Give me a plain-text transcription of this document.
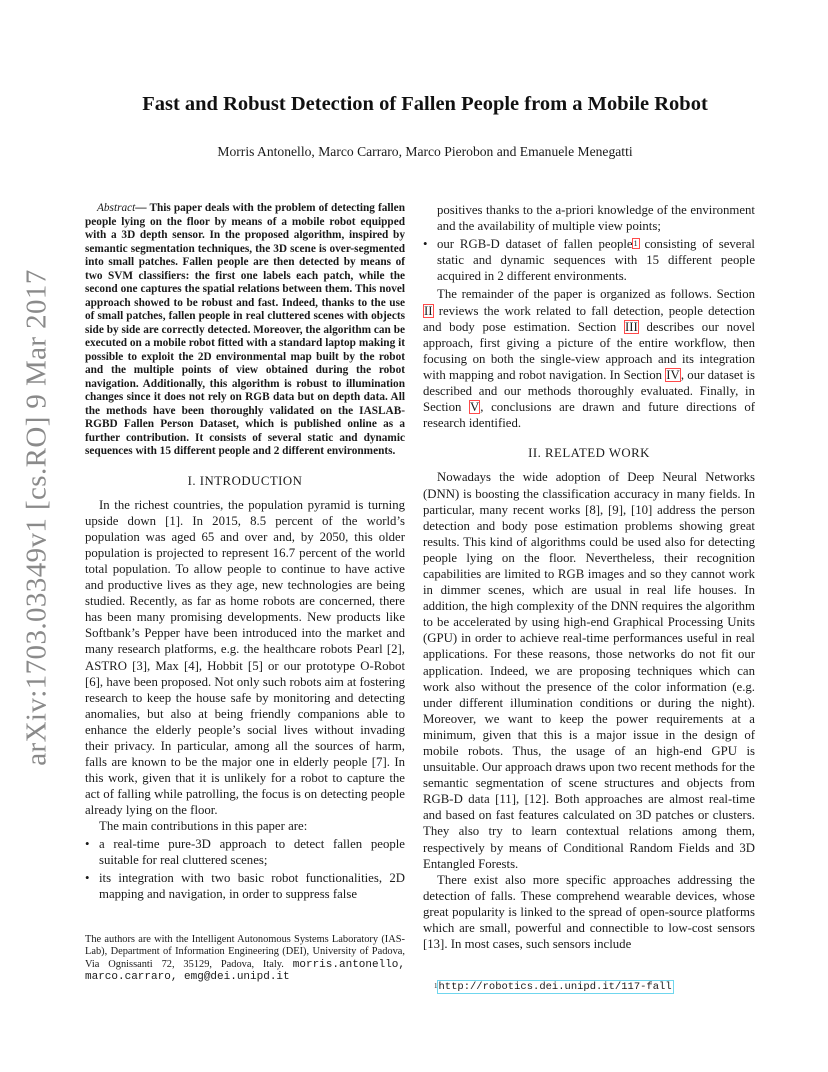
arXiv:1703.03349v1 [cs.RO] 9 Mar 2017
Fast and Robust Detection of Fallen People from a Mobile Robot
Morris Antonello, Marco Carraro, Marco Pierobon and Emanuele Menegatti

Abstract— This paper deals with the problem of detecting fallen people lying on the floor by means of a mobile robot equipped with a 3D depth sensor. In the proposed algorithm, inspired by semantic segmentation techniques, the 3D scene is over-segmented into small patches. Fallen people are then detected by means of two SVM classifiers: the first one labels each patch, while the second one captures the spatial relations between them. This novel approach showed to be robust and fast. Indeed, thanks to the use of small patches, fallen people in real cluttered scenes with objects side by side are correctly detected. Moreover, the algorithm can be executed on a mobile robot fitted with a standard laptop making it possible to exploit the 2D environmental map built by the robot and the multiple points of view obtained during the robot navigation. Additionally, this algorithm is robust to illumination changes since it does not rely on RGB data but on depth data. All the methods have been thoroughly validated on the IASLAB-RGBD Fallen Person Dataset, which is published online as a further contribution. It consists of several static and dynamic sequences with 15 different people and 2 different environments.

I. INTRODUCTION

In the richest countries, the population pyramid is turning upside down [1]. In 2015, 8.5 percent of the world’s population was aged 65 and over and, by 2050, this older population is projected to represent 16.7 percent of the world total population. To allow people to continue to have active and productive lives as they age, new technologies are being studied. Recently, as far as home robots are concerned, there has been many promising developments. New products like Softbank’s Pepper have been introduced into the market and many research platforms, e.g. the healthcare robots Pearl [2], ASTRO [3], Max [4], Hobbit [5] or our prototype O-Robot [6], have been proposed. Not only such robots aim at fostering research to keep the house safe by monitoring and detecting anomalies, but also at being friendly companions able to enhance the elderly people’s social lives without invading their privacy. In particular, among all the sources of harm, falls are known to be the major one in elderly people [7]. In this work, given that it is unlikely for a robot to capture the act of falling while patrolling, the focus is on detecting people already lying on the floor.

The main contributions in this paper are:

• a real-time pure-3D approach to detect fallen people suitable for real cluttered scenes;
• its integration with two basic robot functionalities, 2D mapping and navigation, in order to suppress false
The authors are with the Intelligent Autonomous Systems Laboratory (IAS-Lab), Department of Information Engineering (DEI), University of Padova, Via Ognissanti 72, 35129, Padova, Italy. morris.antonello, marco.carraro, emg@dei.unipd.it
positives thanks to the a-priori knowledge of the environment and the availability of multiple view points;
• our RGB-D dataset of fallen people$^1$ consisting of several static and dynamic sequences with 15 different people acquired in 2 different environments.

The remainder of the paper is organized as follows. Section II reviews the work related to fall detection, people detection and body pose estimation. Section III describes our novel approach, first giving a picture of the entire workflow, then focusing on both the single-view approach and its integration with mapping and robot navigation. In Section IV, our dataset is described and our methods thoroughly evaluated. Finally, in Section V, conclusions are drawn and future directions of research identified.

II. RELATED WORK

Nowadays the wide adoption of Deep Neural Networks (DNN) is boosting the classification accuracy in many fields. In particular, many recent works [8], [9], [10] address the person detection and body pose estimation problems showing great results. This kind of algorithms could be used also for detecting people lying on the floor. Nevertheless, their recognition capabilities are limited to RGB images and so they cannot work in dimmer scenes, which are usual in real life houses. In addition, the high complexity of the DNN requires the algorithm to be accelerated by using high-end Graphical Processing Units (GPU) in order to achieve real-time performances useful in real applications. For these reasons, those networks do not fit our application. Indeed, we are proposing techniques which can work also without the presence of the color information (e.g. under different illumination conditions or during the night). Moreover, we want to keep the power requirements at a minimum, given that this is a major issue in the design of mobile robots. Thus, the usage of an high-end GPU is unsuitable. Our approach draws upon two recent methods for the semantic segmentation of scene structures and objects from RGB-D data [11], [12]. Both approaches are almost real-time and based on fast features calculated on 3D patches or clusters. They also try to learn contextual relations among them, respectively by means of Conditional Random Fields and 3D Entangled Forests.

There exist also more specific approaches addressing the detection of falls. These comprehend wearable devices, whose great popularity is linked to the spread of open-source platforms which are small, powerful and connectible to low-cost sensors [13]. In most cases, such sensors include

$^1$http://robotics.dei.unipd.it/117-fall
